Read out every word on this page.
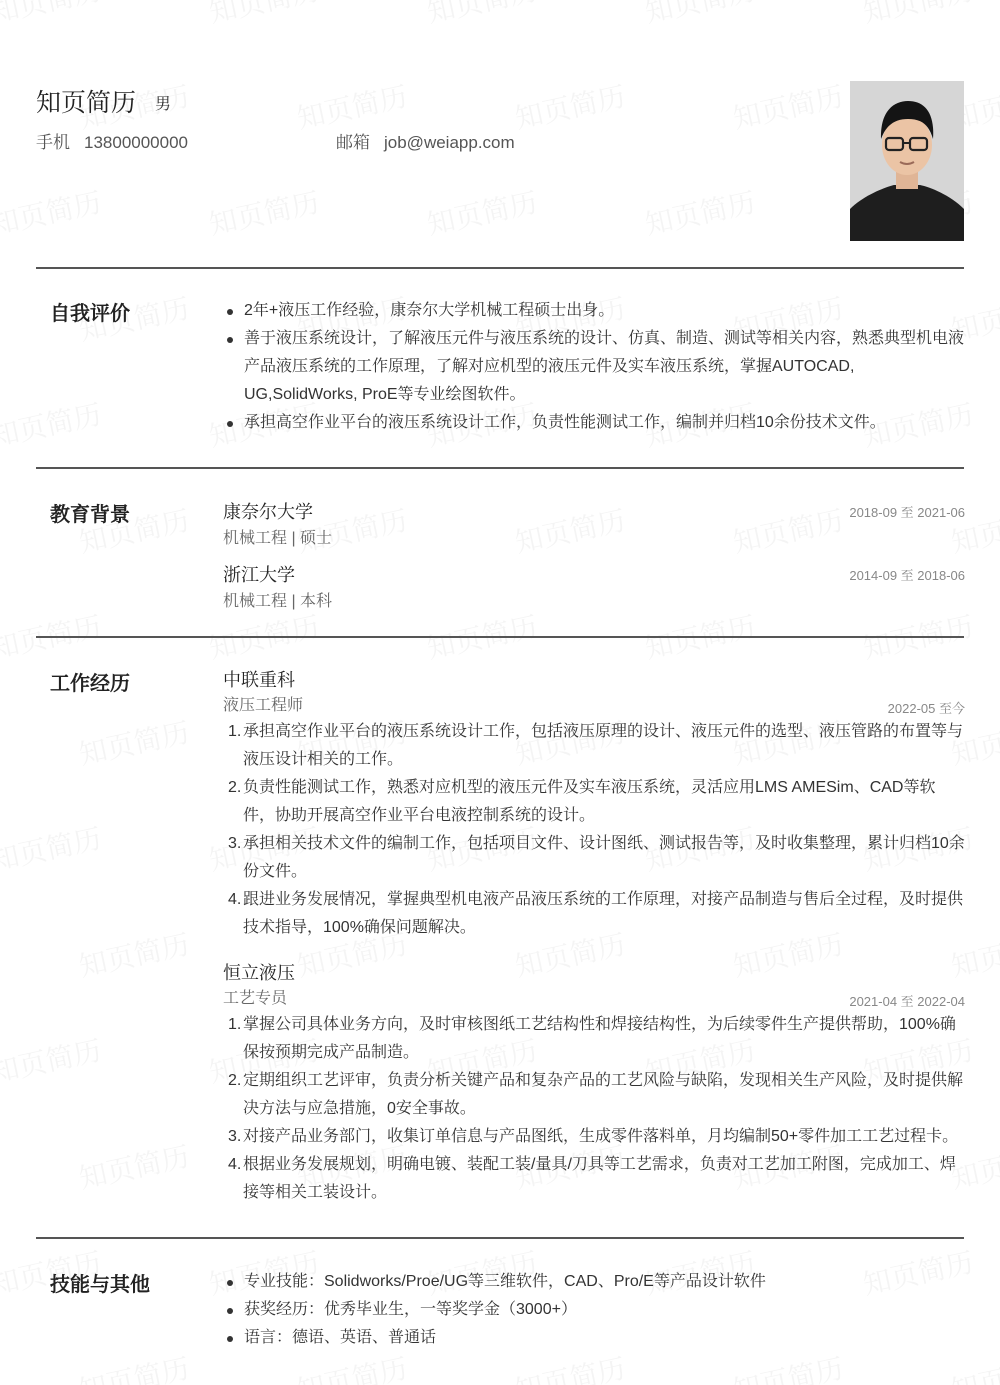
知页简历 男
手机 13800000000	邮箱 job@weiapp.com
自我评价	2年+液压工作经验，康奈尔大学机械工程硕士出身。
善于液压系统设计，了解液压元件与液压系统的设计、仿真、制造、测试等相关内容，熟悉典型机电液产品液压系统的工作原理，了解对应机型的液压元件及实车液压系统，掌握AUTOCAD, UG,SolidWorks, ProE等专业绘图软件。
承担高空作业平台的液压系统设计工作，负责性能测试工作，编制并归档10余份技术文件。
教育背景	康奈尔大学
机械工程 | 硕士
2018-09 至 2021-06
浙江大学
机械工程 | 本科
2014-09 至 2018-06
工作经历	中联重科
液压工程师	2022-05 至今
1. 承担高空作业平台的液压系统设计工作，包括液压原理的设计、液压元件的选型、液压管路的布置等与液压设计相关的工作。
2. 负责性能测试工作，熟悉对应机型的液压元件及实车液压系统，灵活应用LMS AMESim、CAD等软件，协助开展高空作业平台电液控制系统的设计。
3. 承担相关技术文件的编制工作，包括项目文件、设计图纸、测试报告等，及时收集整理，累计归档10余份文件。
4. 跟进业务发展情况，掌握典型机电液产品液压系统的工作原理，对接产品制造与售后全过程，及时提供技术指导，100%确保问题解决。
恒立液压
工艺专员	2021-04 至 2022-04
1. 掌握公司具体业务方向，及时审核图纸工艺结构性和焊接结构性，为后续零件生产提供帮助，100%确保按预期完成产品制造。
2. 定期组织工艺评审，负责分析关键产品和复杂产品的工艺风险与缺陷，发现相关生产风险，及时提供解决方法与应急措施，0安全事故。
3. 对接产品业务部门，收集订单信息与产品图纸，生成零件落料单，月均编制50+零件加工工艺过程卡。
4. 根据业务发展规划，明确电镀、装配工装/量具/刀具等工艺需求，负责对工艺加工附图，完成加工、焊接等相关工装设计。
技能与其他	专业技能：Solidworks/Proe/UG等三维软件，CAD、Pro/E等产品设计软件
获奖经历：优秀毕业生，一等奖学金（3000+）
语言：德语、英语、普通话
